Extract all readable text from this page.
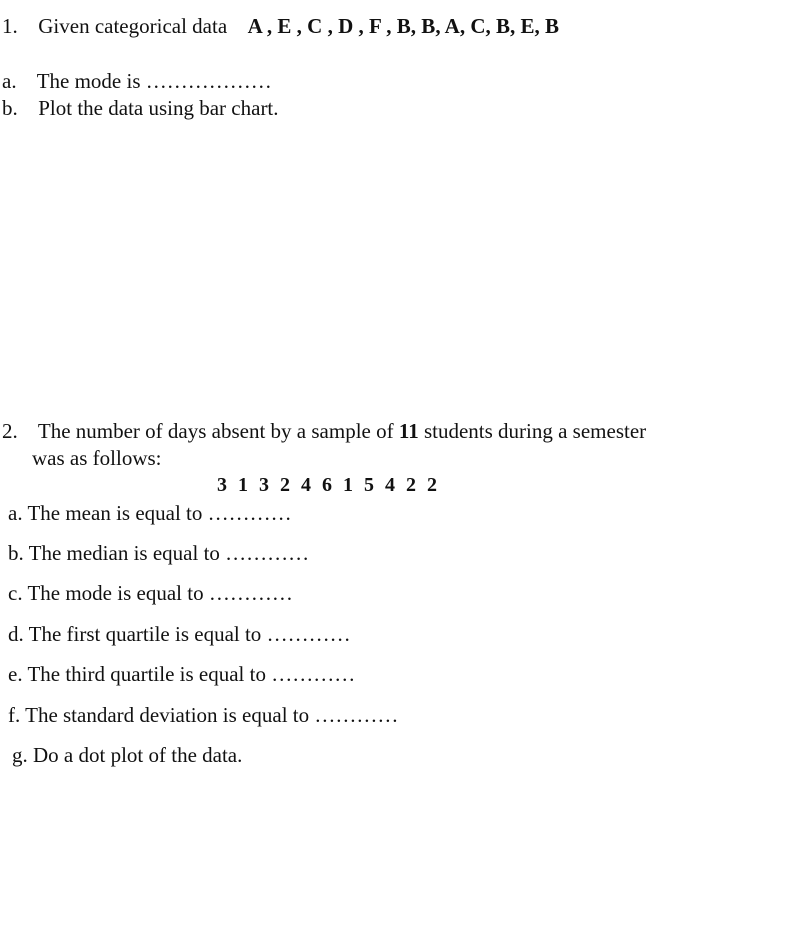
1. Given categorical data A , E , C , D , F , B, B, A, C, B, E, B
a. The mode is ………………
b. Plot the data using bar chart.
2. The number of days absent by a sample of 11 students during a semester
was as follows:
3 1 3 2 4 6 1 5 4 2 2
a. The mean is equal to …………
b. The median is equal to …………
c. The mode is equal to …………
d. The first quartile is equal to …………
e. The third quartile is equal to …………
f. The standard deviation is equal to …………
g. Do a dot plot of the data.
